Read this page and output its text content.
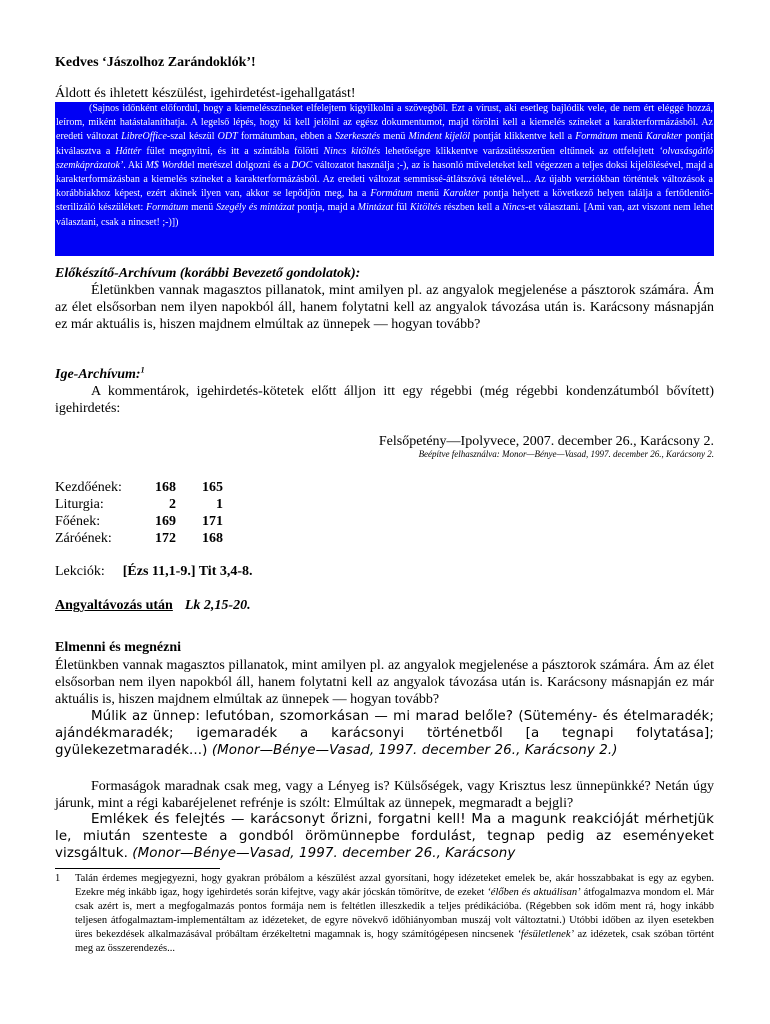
Kedves ‘Jászolhoz Zarándoklók’!
Áldott és ihletett készülést, igehirdetést-igehallgatást!

(Sajnos időnként előfordul, hogy a kiemelésszíneket elfelejtem kigyilkolni a szövegből. Ezt a vírust, aki esetleg bajlódik vele, de nem ért eléggé hozzá, leírom, miként hatástalaníthatja. A legelső lépés, hogy ki kell jelölni az egész dokumentumot, majd törölni kell a kiemelés színeket a karakterformázásból. Az eredeti változat LibreOffice-szal készül ODT formátumban, ebben a Szerkesztés menü Mindent kijelöl pontját klikkentve kell a Formátum menü Karakter pontját kiválasztva a Háttér fület megnyitni, és itt a színtábla fölötti Nincs kitöltés lehetőségre klikkentve varázsütésszerűen eltűnnek az ottfelejtett ‘olvasásgátló szemkáprázatok’. Aki M$ Worddel merészel dolgozni és a DOC változatot használja ;-), az is hasonló műveleteket kell végezzen a teljes doksi kijelölésével, majd a karakterformázásban a kiemelés színeket a karakterformázásból. Az eredeti változat semmissé-átlátszóvá tételével... Az újabb verziókban történtek változások a korábbiakhoz képest, ezért akinek ilyen van, akkor se lepődjön meg, ha a Formátum menü Karakter pontja helyett a következő helyen találja a fertőtlenítő-sterilizáló készüléket: Formátum menü Szegély és mintázat pontja, majd a Mintázat fül Kitöltés részben kell a Nincs-et választani. [Ami van, azt viszont nem lehet választani, csak a nincset! ;-)])

Előkészítő-Archívum (korábbi Bevezető gondolatok):
Életünkben vannak magasztos pillanatok, mint amilyen pl. az angyalok megjelenése a pásztorok számára. Ám az élet elsősorban nem ilyen napokból áll, hanem folytatni kell az angyalok távozása után is. Karácsony másnapján ez már aktuális is, hiszen majdnem elmúltak az ünnepek — hogyan tovább?
Ige-Archívum:$^1$
A kommentárok, igehirdetés-kötetek előtt álljon itt egy régebbi (még régebbi kondenzátumból bővített) igehirdetés:
Felsőpetény—Ipolyvece, 2007. december 26., Karácsony 2.
Beépítve felhasználva: Monor—Bénye—Vasad, 1997. december 26., Karácsony 2.
Kezdőének:	168	165
Liturgia:	2	1
Főének:	169	171
Záróének:	172	168
Lekciók: [Ézs 11,1-9.] Tit 3,4-8.
Angyaltávozás után Lk 2,15-20.
Elmenni és megnézni
Életünkben vannak magasztos pillanatok, mint amilyen pl. az angyalok megjelenése a pásztorok számára. Ám az élet elsősorban nem ilyen napokból áll, hanem folytatni kell az angyalok távozása után is. Karácsony másnapján ez már aktuális is, hiszen majdnem elmúltak az ünnepek — hogyan tovább?
Múlik az ünnep: lefutóban, szomorkásan — mi marad belőle? (Sütemény- és ételmaradék; ajándékmaradék; igemaradék a karácsonyi történetből [a tegnapi folytatása]; gyülekezetmaradék...) (Monor—Bénye—Vasad, 1997. december 26., Karácsony 2.)
Formaságok maradnak csak meg, vagy a Lényeg is? Külsőségek, vagy Krisztus lesz ünnepünkké? Netán úgy járunk, mint a régi kabaréjelenet refrénje is szólt: Elmúltak az ünnepek, megmaradt a bejgli?
Emlékek és felejtés — karácsonyt őrizni, forgatni kell! Ma a magunk reakcióját mérhetjük le, miután szenteste a gondból örömünnepbe fordulást, tegnap pedig az eseményeket vizsgáltuk. (Monor—Bénye—Vasad, 1997. december 26., Karácsony
1 Talán érdemes megjegyezni, hogy gyakran próbálom a készülést azzal gyorsítani, hogy idézeteket emelek be, akár hosszabbakat is egy az egyben. Ezekre még inkább igaz, hogy igehirdetés során kifejtve, vagy akár jócskán tömörítve, de ezeket ‘élőben és aktuálisan’ átfogalmazva mondom el. Már csak azért is, mert a megfogalmazás pontos formája nem is feltétlen illeszkedik a teljes prédikációba. (Régebben sok időm ment rá, hogy inkább teljesen átfogalmaztam-implementáltam az idézeteket, de egyre növekvő időhiányomban muszáj volt változtatni.) Utóbbi időben az ilyen esetekben üres bekezdések alkalmazásával próbáltam érzékeltetni magamnak is, hogy számítógépesen nincsenek ‘fésületlenek’ az idézetek, csak szóban történt meg az összerendezés...
